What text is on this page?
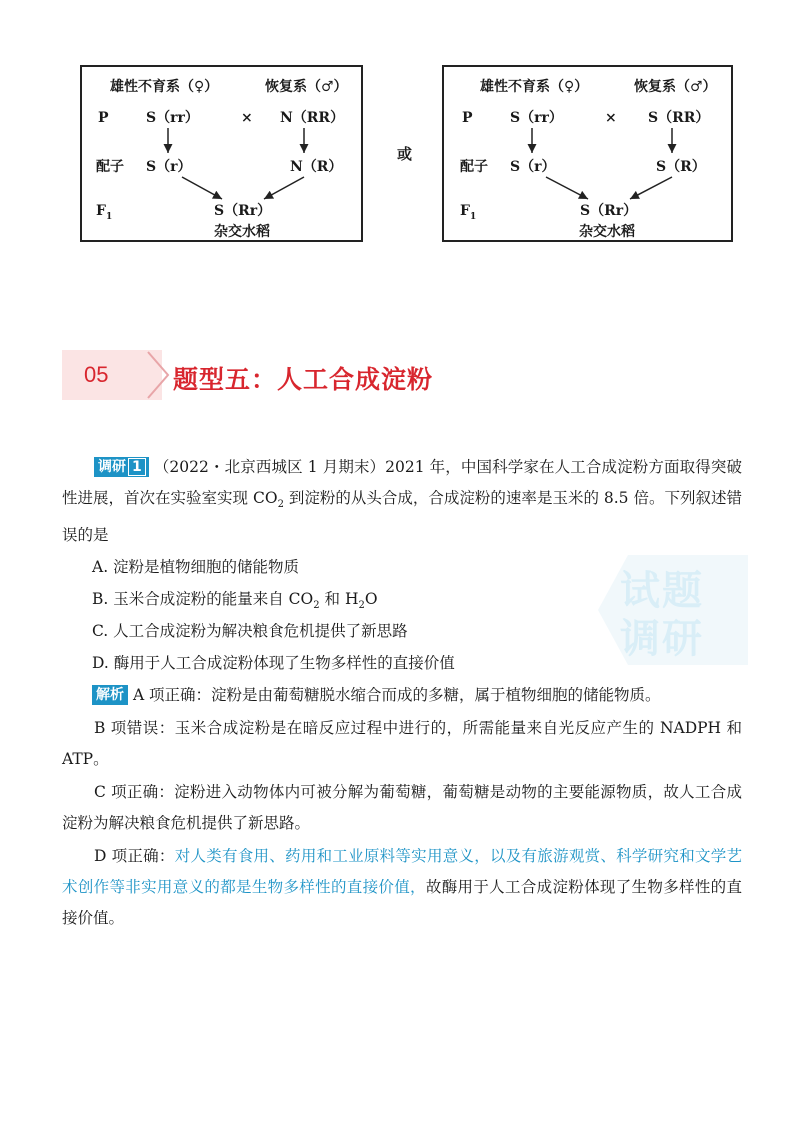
雄性不育系（♀）	恢复系（♂）
P	S（rr）	× N（RR）
配子 S（r）	N（R）
$F_1$	S（Rr）
杂交水稻
或
雄性不育系（♀）	恢复系（♂）
P	S（rr）	× S（RR）
配子 S（r）	S（R）
$F_1$	S（Rr）
杂交水稻
05	题型五：人工合成淀粉
试题
调研
调研 1 （2022・北京西城区 1 月期末）2021 年，中国科学家在人工合成淀粉方面取得突破性进展，首次在实验室实现 $CO_2$ 到淀粉的从头合成，合成淀粉的速率是玉米的 8.5 倍。下列叙述错误的是
A. 淀粉是植物细胞的储能物质
B. 玉米合成淀粉的能量来自 $CO_2$ 和 $H_2O$
C. 人工合成淀粉为解决粮食危机提供了新思路
D. 酶用于人工合成淀粉体现了生物多样性的直接价值
解析 A 项正确：淀粉是由葡萄糖脱水缩合而成的多糖，属于植物细胞的储能物质。
B 项错误：玉米合成淀粉是在暗反应过程中进行的，所需能量来自光反应产生的 NADPH 和 ATP。
C 项正确：淀粉进入动物体内可被分解为葡萄糖，葡萄糖是动物的主要能源物质，故人工合成淀粉为解决粮食危机提供了新思路。
D 项正确：对人类有食用、药用和工业原料等实用意义，以及有旅游观赏、科学研究和文学艺术创作等非实用意义的都是生物多样性的直接价值，故酶用于人工合成淀粉体现了生物多样性的直接价值。
